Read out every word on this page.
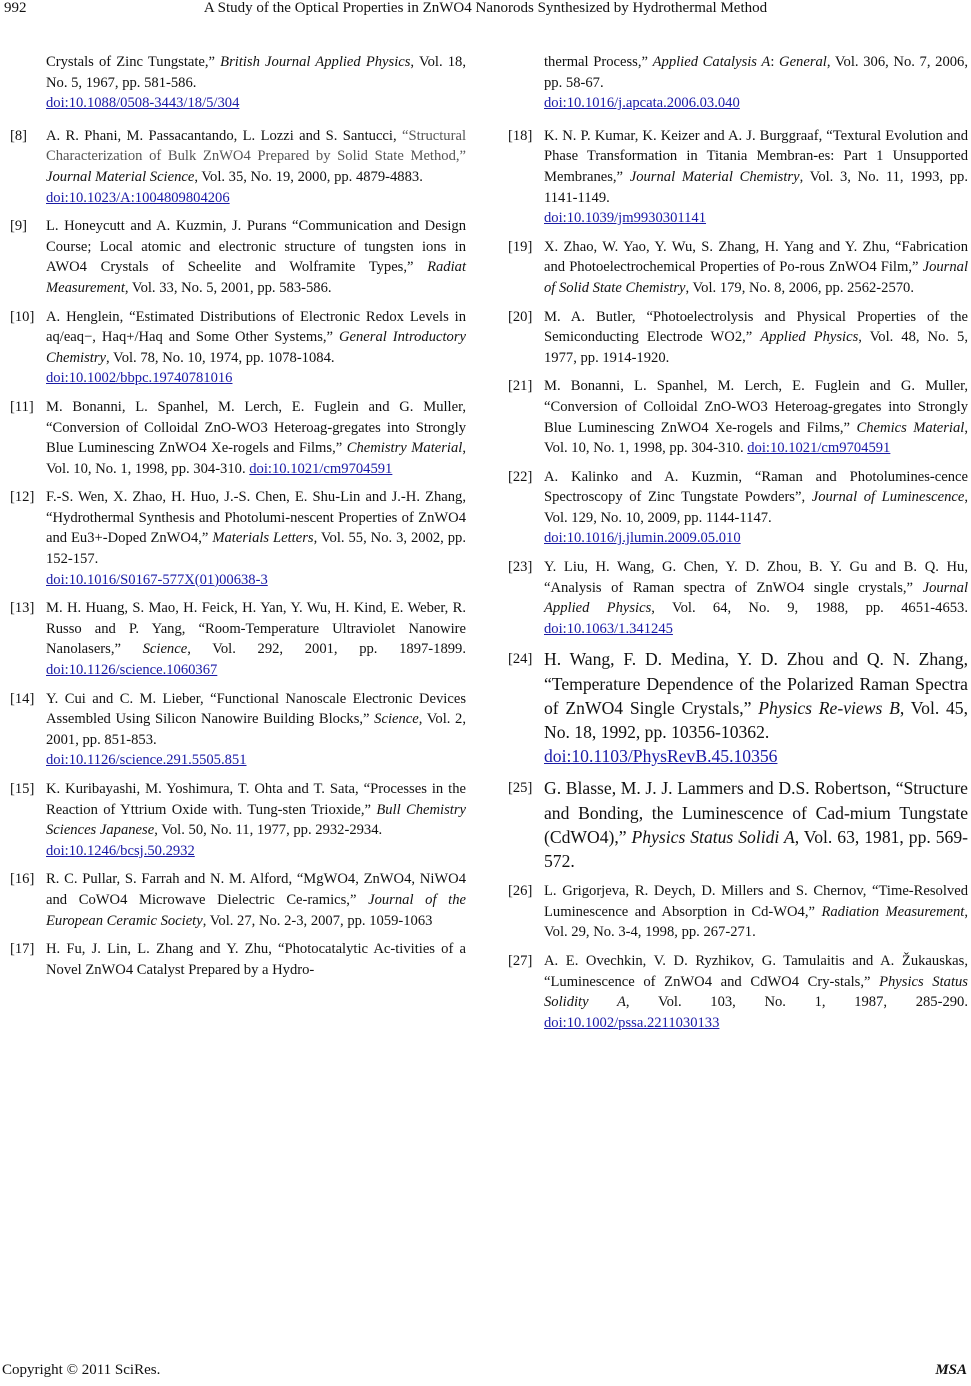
992	A Study of the Optical Properties in ZnWO4 Nanorods Synthesized by Hydrothermal Method
Crystals of Zinc Tungstate,” British Journal Applied Physics, Vol. 18, No. 5, 1967, pp. 581-586.
doi:10.1088/0508-3443/18/5/304
[8]	A. R. Phani, M. Passacantando, L. Lozzi and S. Santucci, “Structural Characterization of Bulk ZnWO4 Prepared by Solid State Method,” Journal Material Science, Vol. 35, No. 19, 2000, pp. 4879-4883.
doi:10.1023/A:1004809804206
[9]	L. Honeycutt and A. Kuzmin, J. Purans “Communication and Design Course; Local atomic and electronic structure of tungsten ions in AWO4 Crystals of Scheelite and Wolframite Types,” Radiat Measurement, Vol. 33, No. 5, 2001, pp. 583-586.
[10] A. Henglein, “Estimated Distributions of Electronic Redox Levels in aq/eaq−, Haq+/Haq and Some Other Systems,” General Introductory Chemistry, Vol. 78, No. 10, 1974, pp. 1078-1084.
doi:10.1002/bbpc.19740781016
[11] M. Bonanni, L. Spanhel, M. Lerch, E. Fuglein and G. Muller, “Conversion of Colloidal ZnO-WO3 Heteroag-gregates into Strongly Blue Luminescing ZnWO4 Xe-rogels and Films,” Chemistry Material, Vol. 10, No. 1, 1998, pp. 304-310. doi:10.1021/cm9704591
[12] F.-S. Wen, X. Zhao, H. Huo, J.-S. Chen, E. Shu-Lin and J.-H. Zhang, “Hydrothermal Synthesis and Photolumi-nescent Properties of ZnWO4 and Eu3+-Doped ZnWO4,” Materials Letters, Vol. 55, No. 3, 2002, pp. 152-157.
doi:10.1016/S0167-577X(01)00638-3
[13] M. H. Huang, S. Mao, H. Feick, H. Yan, Y. Wu, H. Kind, E. Weber, R. Russo and P. Yang, “Room-Temperature Ultraviolet Nanowire Nanolasers,” Science, Vol. 292, 2001, pp. 1897-1899. doi:10.1126/science.1060367
[14] Y. Cui and C. M. Lieber, “Functional Nanoscale Electronic Devices Assembled Using Silicon Nanowire Building Blocks,” Science, Vol. 2, 2001, pp. 851-853.
doi:10.1126/science.291.5505.851
[15] K. Kuribayashi, M. Yoshimura, T. Ohta and T. Sata, “Processes in the Reaction of Yttrium Oxide with. Tung-sten Trioxide,” Bull Chemistry Sciences Japanese, Vol. 50, No. 11, 1977, pp. 2932-2934.
doi:10.1246/bcsj.50.2932
[16] R. C. Pullar, S. Farrah and N. M. Alford, “MgWO4, ZnWO4, NiWO4 and CoWO4 Microwave Dielectric Ce-ramics,” Journal of the European Ceramic Society, Vol. 27, No. 2-3, 2007, pp. 1059-1063
[17] H. Fu, J. Lin, L. Zhang and Y. Zhu, “Photocatalytic Ac-tivities of a Novel ZnWO4 Catalyst Prepared by a Hydro-
thermal Process,” Applied Catalysis A: General, Vol. 306, No. 7, 2006, pp. 58-67.
doi:10.1016/j.apcata.2006.03.040
[18] K. N. P. Kumar, K. Keizer and A. J. Burggraaf, “Textural Evolution and Phase Transformation in Titania Membran-es: Part 1 Unsupported Membranes,” Journal Material Chemistry, Vol. 3, No. 11, 1993, pp. 1141-1149.
doi:10.1039/jm9930301141
[19] X. Zhao, W. Yao, Y. Wu, S. Zhang, H. Yang and Y. Zhu, “Fabrication and Photoelectrochemical Properties of Po-rous ZnWO4 Film,” Journal of Solid State Chemistry, Vol. 179, No. 8, 2006, pp. 2562-2570.
[20] M. A. Butler, “Photoelectrolysis and Physical Properties of the Semiconducting Electrode WO2,” Applied Physics, Vol. 48, No. 5, 1977, pp. 1914-1920.
[21] M. Bonanni, L. Spanhel, M. Lerch, E. Fuglein and G. Muller, “Conversion of Colloidal ZnO-WO3 Heteroag-gregates into Strongly Blue Luminescing ZnWO4 Xe-rogels and Films,” Chemics Material, Vol. 10, No. 1, 1998, pp. 304-310. doi:10.1021/cm9704591
[22] A. Kalinko and A. Kuzmin, “Raman and Photolumines-cence Spectroscopy of Zinc Tungstate Powders”, Journal of Luminescence, Vol. 129, No. 10, 2009, pp. 1144-1147.
doi:10.1016/j.jlumin.2009.05.010
[23] Y. Liu, H. Wang, G. Chen, Y. D. Zhou, B. Y. Gu and B. Q. Hu, “Analysis of Raman spectra of ZnWO4 single crystals,” Journal Applied Physics, Vol. 64, No. 9, 1988, pp. 4651-4653. doi:10.1063/1.341245
[24] H. Wang, F. D. Medina, Y. D. Zhou and Q. N. Zhang, “Temperature Dependence of the Polarized Raman Spectra of ZnWO4 Single Crystals,” Physics Re-views B, Vol. 45, No. 18, 1992, pp. 10356-10362.
doi:10.1103/PhysRevB.45.10356
[25] G. Blasse, M. J. J. Lammers and D.S. Robertson, “Structure and Bonding, the Luminescence of Cad-mium Tungstate (CdWO4),” Physics Status Solidi A, Vol. 63, 1981, pp. 569-572.
[26] L. Grigorjeva, R. Deych, D. Millers and S. Chernov, “Time-Resolved Luminescence and Absorption in Cd-WO4,” Radiation Measurement, Vol. 29, No. 3-4, 1998, pp. 267-271.
[27] A. E. Ovechkin, V. D. Ryzhikov, G. Tamulaitis and A. Žukauskas, “Luminescence of ZnWO4 and CdWO4 Cry-stals,” Physics Status Solidity A, Vol. 103, No. 1, 1987, 285-290. doi:10.1002/pssa.2211030133
Copyright © 2011 SciRes.	MSA
